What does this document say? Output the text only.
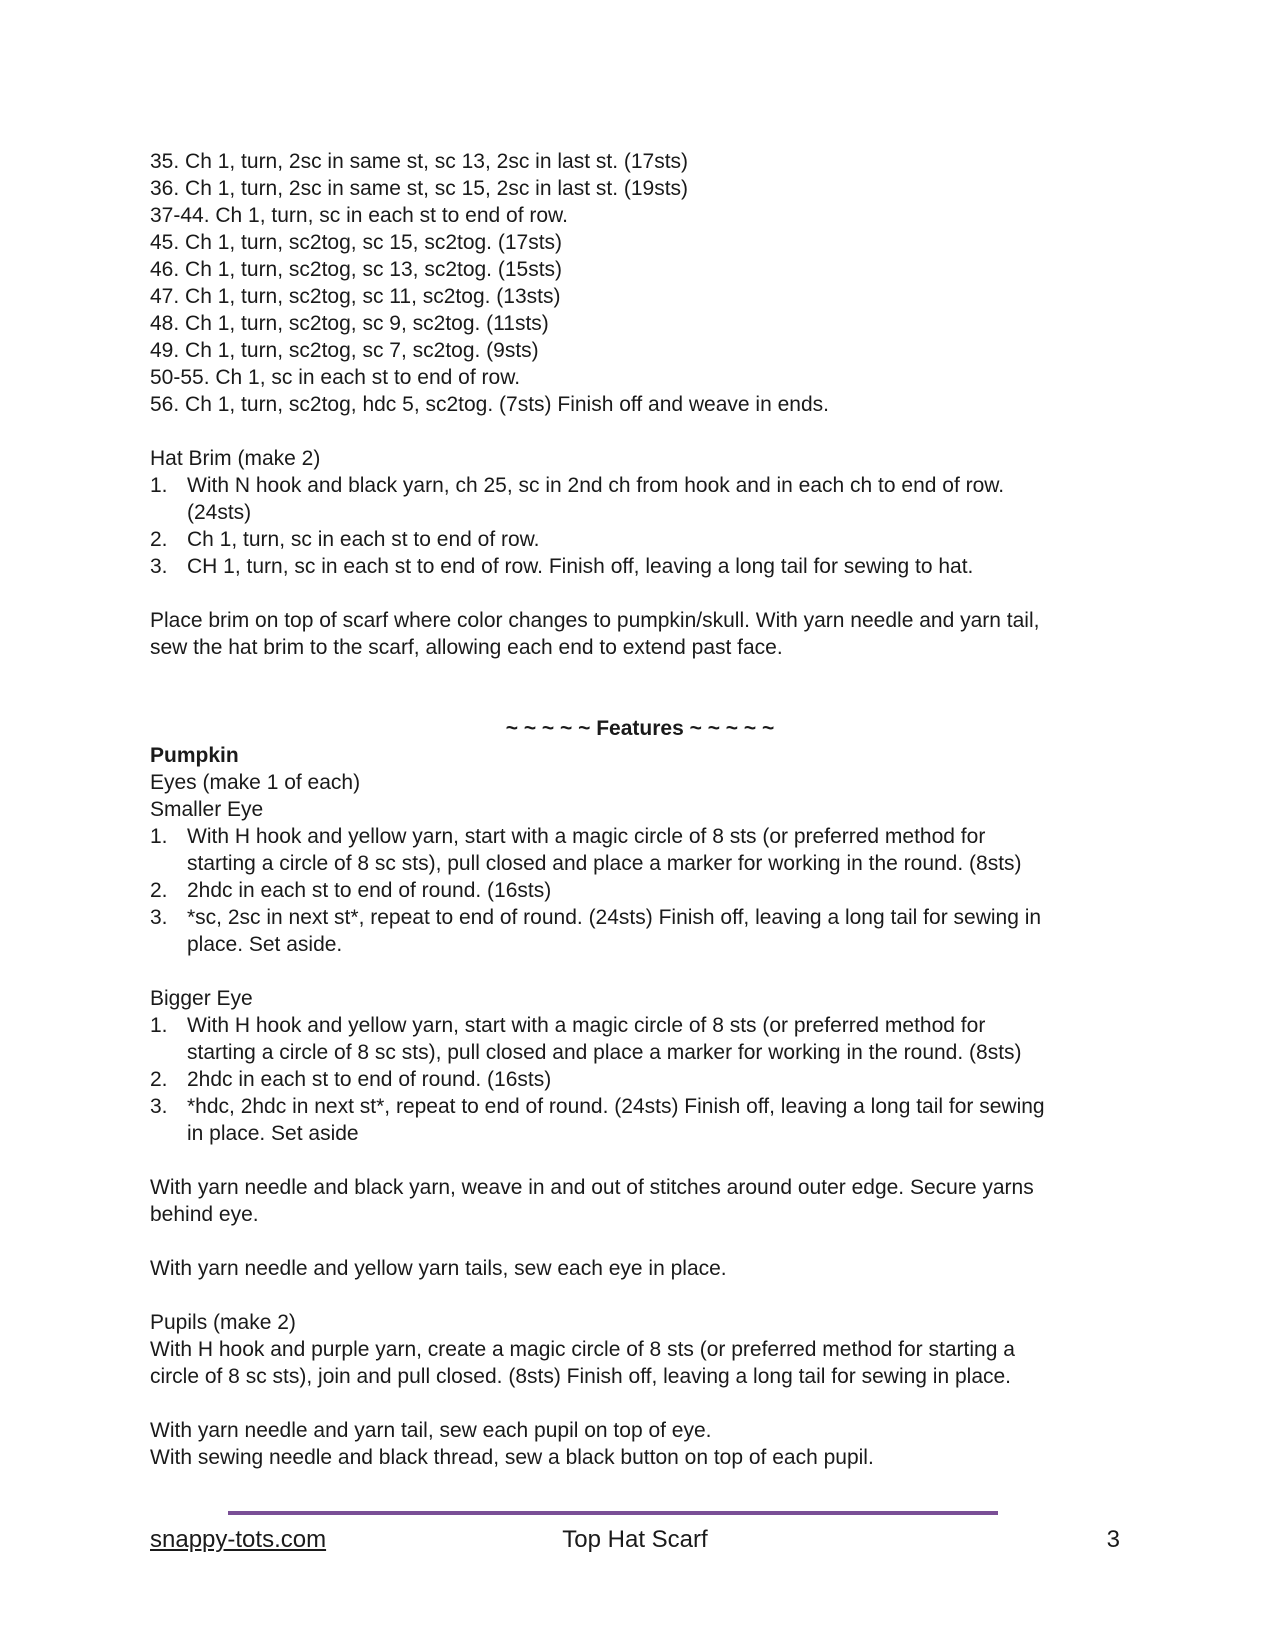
35. Ch 1, turn, 2sc in same st, sc 13, 2sc in last st. (17sts)

36. Ch 1, turn, 2sc in same st, sc 15, 2sc in last st. (19sts)

37-44. Ch 1, turn, sc in each st to end of row.

45. Ch 1, turn, sc2tog, sc 15, sc2tog. (17sts)

46. Ch 1, turn, sc2tog, sc 13, sc2tog. (15sts)

47. Ch 1, turn, sc2tog, sc 11, sc2tog. (13sts)

48. Ch 1, turn, sc2tog, sc 9, sc2tog. (11sts)

49. Ch 1, turn, sc2tog, sc 7, sc2tog. (9sts)

50-55. Ch 1, sc in each st to end of row.

56. Ch 1, turn, sc2tog, hdc 5, sc2tog. (7sts) Finish off and weave in ends.

Hat Brim (make 2)

1. With N hook and black yarn, ch 25, sc in 2nd ch from hook and in each ch to end of row.
(24sts)
2. Ch 1, turn, sc in each st to end of row.
3. CH 1, turn, sc in each st to end of row. Finish off, leaving a long tail for sewing to hat.

Place brim on top of scarf where color changes to pumpkin/skull. With yarn needle and yarn tail,

sew the hat brim to the scarf, allowing each end to extend past face.

~ ~ ~ ~ ~ Features ~ ~ ~ ~ ~

Pumpkin

Eyes (make 1 of each)

Smaller Eye

1. With H hook and yellow yarn, start with a magic circle of 8 sts (or preferred method for
starting a circle of 8 sc sts), pull closed and place a marker for working in the round. (8sts)
2. 2hdc in each st to end of round. (16sts)
3. *sc, 2sc in next st*, repeat to end of round. (24sts) Finish off, leaving a long tail for sewing in
place. Set aside.

Bigger Eye

1. With H hook and yellow yarn, start with a magic circle of 8 sts (or preferred method for
starting a circle of 8 sc sts), pull closed and place a marker for working in the round. (8sts)
2. 2hdc in each st to end of round. (16sts)
3. *hdc, 2hdc in next st*, repeat to end of round. (24sts) Finish off, leaving a long tail for sewing
in place. Set aside

With yarn needle and black yarn, weave in and out of stitches around outer edge. Secure yarns

behind eye.

With yarn needle and yellow yarn tails, sew each eye in place.

Pupils (make 2)

With H hook and purple yarn, create a magic circle of 8 sts (or preferred method for starting a

circle of 8 sc sts), join and pull closed. (8sts) Finish off, leaving a long tail for sewing in place.

With yarn needle and yarn tail, sew each pupil on top of eye.

With sewing needle and black thread, sew a black button on top of each pupil.

Top Hat Scarf
snappy-tots.com	3
